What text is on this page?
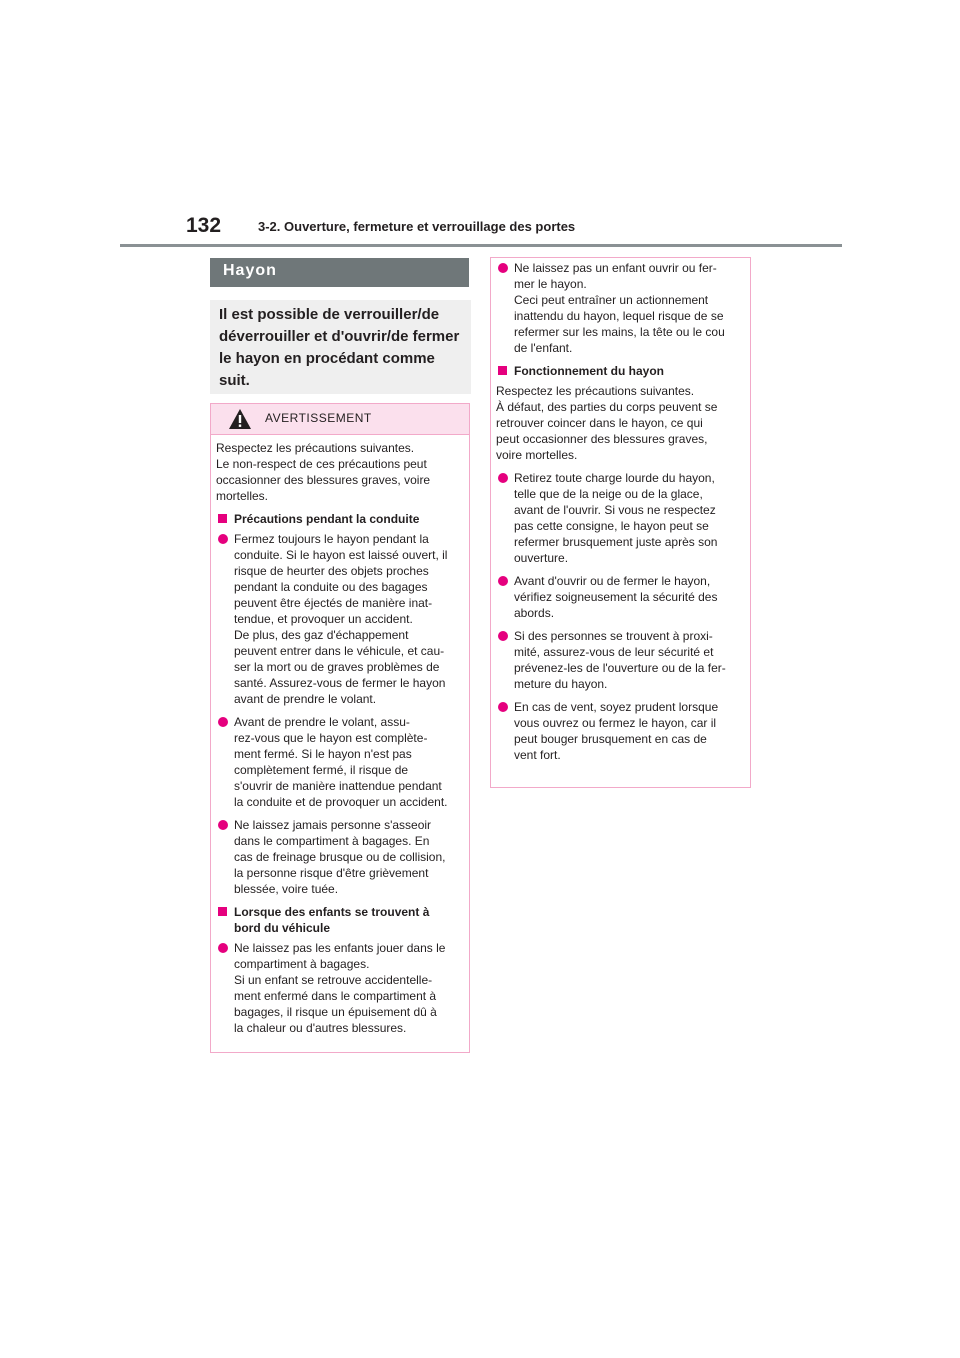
132	3-2. Ouverture, fermeture et verrouillage des portes
Hayon

Il est possible de verrouiller/de
déverrouiller et d'ouvrir/de fermer
le hayon en procédant comme
suit.

AVERTISSEMENT

Respectez les précautions suivantes.
Le non-respect de ces précautions peut
occasionner des blessures graves, voire
mortelles.

Précautions pendant la conduite
Fermez toujours le hayon pendant la
conduite. Si le hayon est laissé ouvert, il
risque de heurter des objets proches
pendant la conduite ou des bagages
peuvent être éjectés de manière inat-
tendue, et provoquer un accident.
De plus, des gaz d'échappement
peuvent entrer dans le véhicule, et cau-
ser la mort ou de graves problèmes de
santé. Assurez-vous de fermer le hayon
avant de prendre le volant.
Avant de prendre le volant, assu-
rez-vous que le hayon est complète-
ment fermé. Si le hayon n'est pas
complètement fermé, il risque de
s'ouvrir de manière inattendue pendant
la conduite et de provoquer un accident.
Ne laissez jamais personne s'asseoir
dans le compartiment à bagages. En
cas de freinage brusque ou de collision,
la personne risque d'être grièvement
blessée, voire tuée.
Lorsque des enfants se trouvent à
bord du véhicule
Ne laissez pas les enfants jouer dans le
compartiment à bagages.
Si un enfant se retrouve accidentelle-
ment enfermé dans le compartiment à
bagages, il risque un épuisement dû à
la chaleur ou d'autres blessures.
Ne laissez pas un enfant ouvrir ou fer-
mer le hayon.
Ceci peut entraîner un actionnement
inattendu du hayon, lequel risque de se
refermer sur les mains, la tête ou le cou
de l'enfant.
Fonctionnement du hayon
Respectez les précautions suivantes.
À défaut, des parties du corps peuvent se
retrouver coincer dans le hayon, ce qui
peut occasionner des blessures graves,
voire mortelles.
Retirez toute charge lourde du hayon,
telle que de la neige ou de la glace,
avant de l'ouvrir. Si vous ne respectez
pas cette consigne, le hayon peut se
refermer brusquement juste après son
ouverture.
Avant d'ouvrir ou de fermer le hayon,
vérifiez soigneusement la sécurité des
abords.
Si des personnes se trouvent à proxi-
mité, assurez-vous de leur sécurité et
prévenez-les de l'ouverture ou de la fer-
meture du hayon.
En cas de vent, soyez prudent lorsque
vous ouvrez ou fermez le hayon, car il
peut bouger brusquement en cas de
vent fort.
